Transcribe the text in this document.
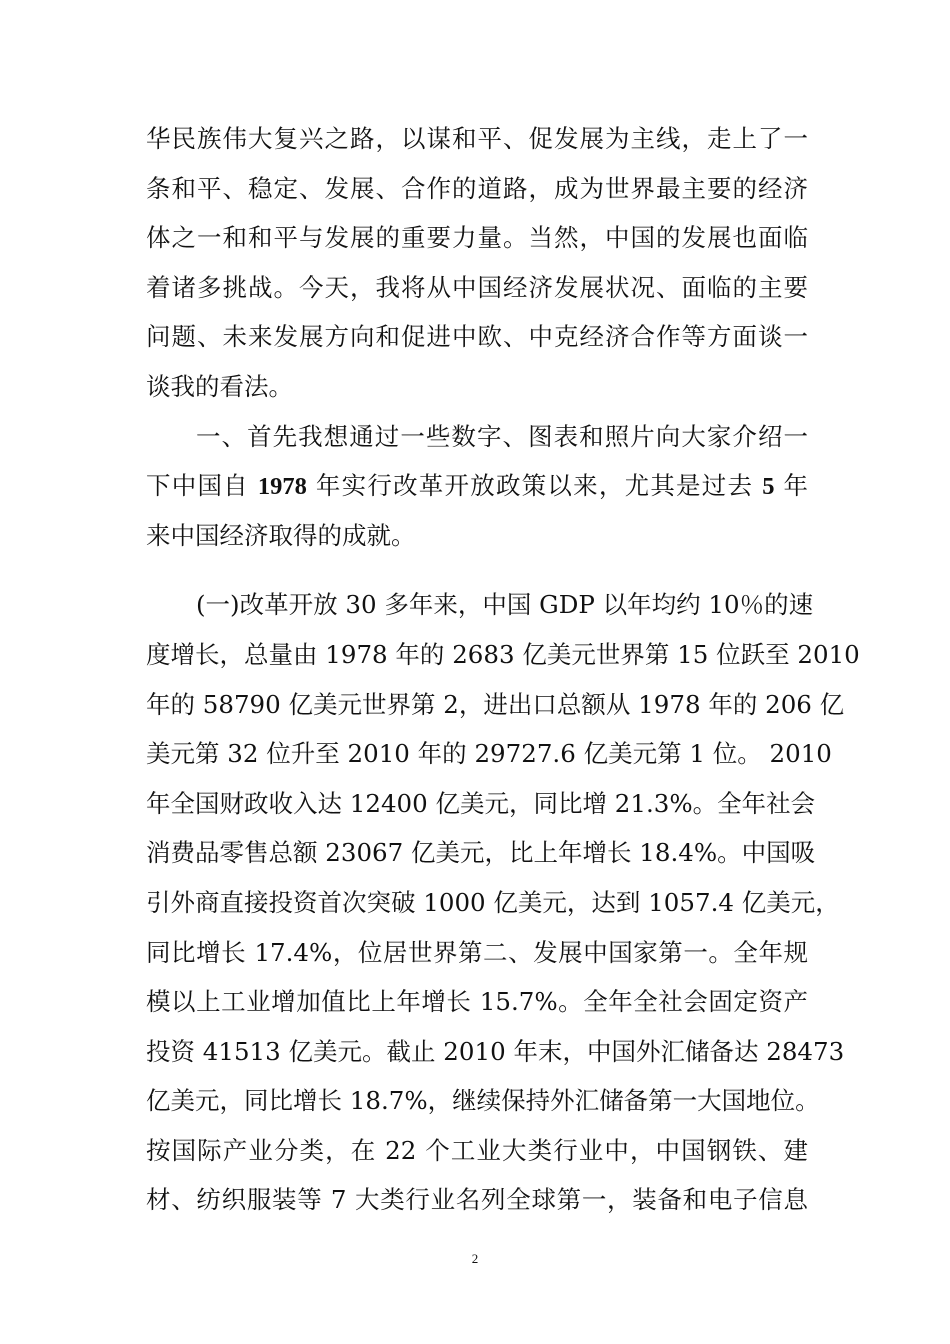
华民族伟大复兴之路，以谋和平、促发展为主线，走上了一
条和平、稳定、发展、合作的道路，成为世界最主要的经济
体之一和和平与发展的重要力量。当然，中国的发展也面临
着诸多挑战。今天，我将从中国经济发展状况、面临的主要
问题、未来发展方向和促进中欧、中克经济合作等方面谈一
谈我的看法。
一、首先我想通过一些数字、图表和照片向大家介绍一
下中国自 1978 年实行改革开放政策以来，尤其是过去 5 年
来中国经济取得的成就。
(一)改革开放 30 多年来，中国 GDP 以年均约 10％的速
度增长，总量由 1978 年的 2683 亿美元世界第 15 位跃至 2010
年的 58790 亿美元世界第 2，进出口总额从 1978 年的 206 亿
美元第 32 位升至 2010 年的 29727.6 亿美元第 1 位。 2010
年全国财政收入达 12400 亿美元，同比增 21.3%。全年社会
消费品零售总额 23067 亿美元，比上年增长 18.4%。中国吸
引外商直接投资首次突破 1000 亿美元，达到 1057.4 亿美元，
同比增长 17.4%，位居世界第二、发展中国家第一。全年规
模以上工业增加值比上年增长 15.7%。全年全社会固定资产
投资 41513 亿美元。截止 2010 年末，中国外汇储备达 28473
亿美元，同比增长 18.7%，继续保持外汇储备第一大国地位。
按国际产业分类，在 22 个工业大类行业中，中国钢铁、建
材、纺织服装等 7 大类行业名列全球第一，装备和电子信息
2
